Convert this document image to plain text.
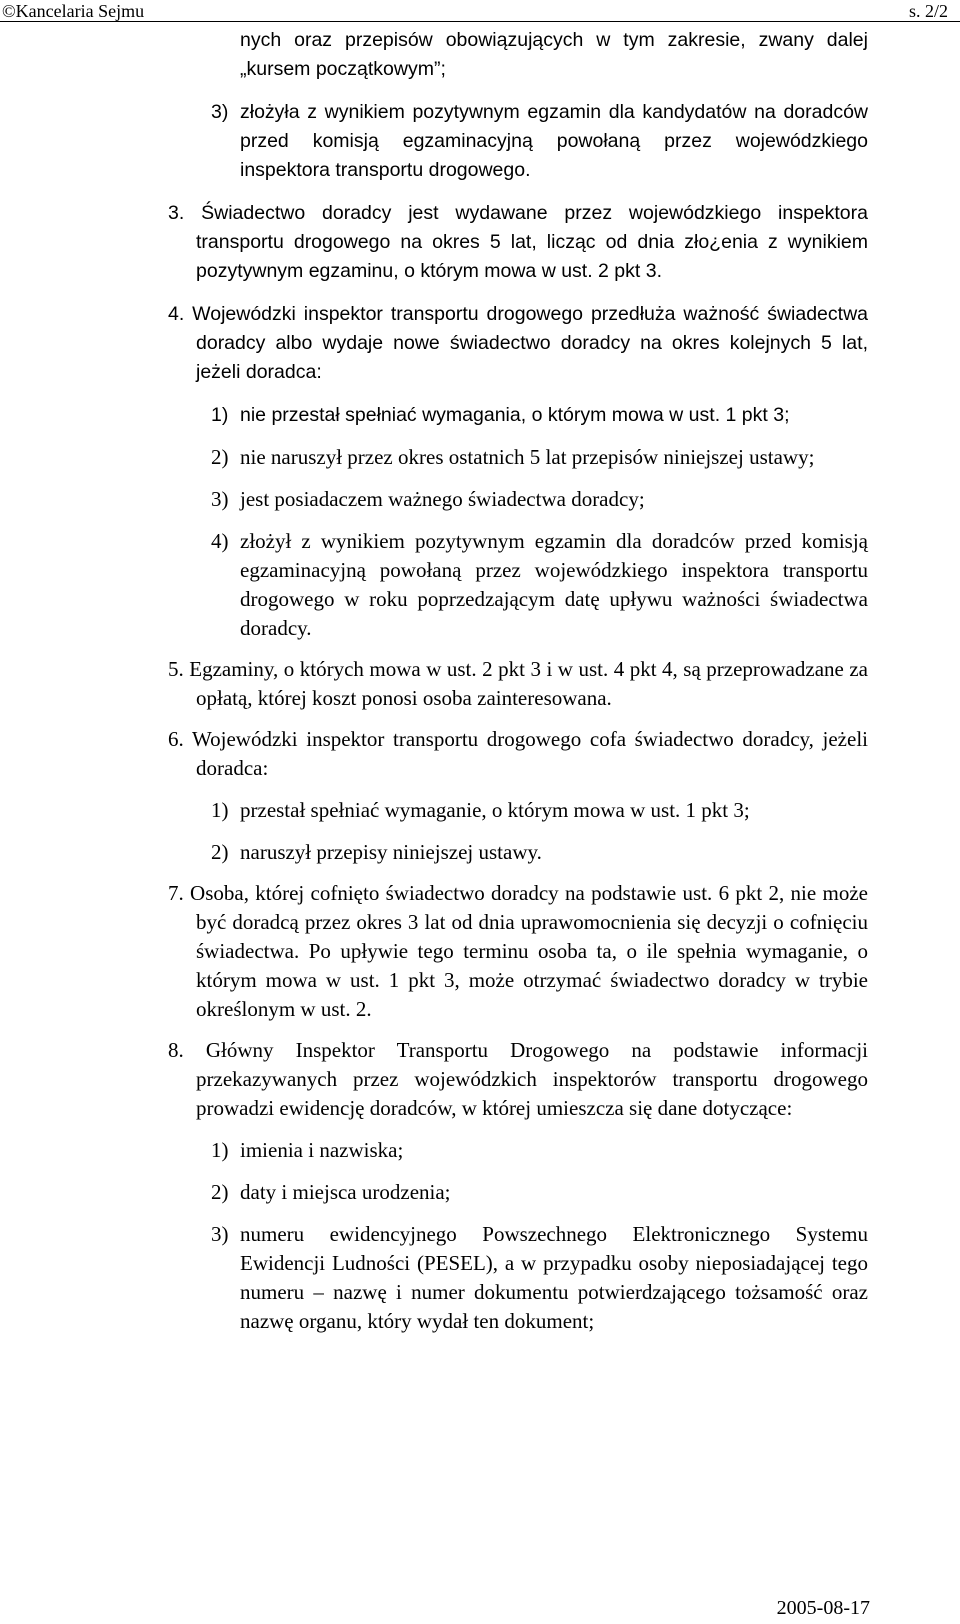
©Kancelaria Sejmu	s. 2/2
nych oraz przepisów obowiązujących w tym zakresie, zwany dalej „kursem początkowym”;
3) złożyła z wynikiem pozytywnym egzamin dla kandydatów na doradców przed komisją egzaminacyjną powołaną przez wojewódzkiego inspektora transportu drogowego.
3. Świadectwo doradcy jest wydawane przez wojewódzkiego inspektora transportu drogowego na okres 5 lat, licząc od dnia zło¿enia z wynikiem pozytywnym egzaminu, o którym mowa w ust. 2 pkt 3.
4. Wojewódzki inspektor transportu drogowego przedłuża ważność świadectwa doradcy albo wydaje nowe świadectwo doradcy na okres kolejnych 5 lat, jeżeli doradca:
1) nie przestał spełniać wymagania, o którym mowa w ust. 1 pkt 3;
2) nie naruszył przez okres ostatnich 5 lat przepisów niniejszej ustawy;
3) jest posiadaczem ważnego świadectwa doradcy;
4) złożył z wynikiem pozytywnym egzamin dla doradców przed komisją egzaminacyjną powołaną przez wojewódzkiego inspektora transportu drogowego w roku poprzedzającym datę upływu ważności świadectwa doradcy.
5. Egzaminy, o których mowa w ust. 2 pkt 3 i w ust. 4 pkt 4, są przeprowadzane za opłatą, której koszt ponosi osoba zainteresowana.
6. Wojewódzki inspektor transportu drogowego cofa świadectwo doradcy, jeżeli doradca:
1) przestał spełniać wymaganie, o którym mowa w ust. 1 pkt 3;
2) naruszył przepisy niniejszej ustawy.
7. Osoba, której cofnięto świadectwo doradcy na podstawie ust. 6 pkt 2, nie może być doradcą przez okres 3 lat od dnia uprawomocnienia się decyzji o cofnięciu świadectwa. Po upływie tego terminu osoba ta, o ile spełnia wymaganie, o którym mowa w ust. 1 pkt 3, może otrzymać świadectwo doradcy w trybie określonym w ust. 2.
8. Główny Inspektor Transportu Drogowego na podstawie informacji przekazywanych przez wojewódzkich inspektorów transportu drogowego prowadzi ewidencję doradców, w której umieszcza się dane dotyczące:
1) imienia i nazwiska;
2) daty i miejsca urodzenia;
3) numeru ewidencyjnego Powszechnego Elektronicznego Systemu Ewidencji Ludności (PESEL), a w przypadku osoby nieposiadającej tego numeru – nazwę i numer dokumentu potwierdzającego tożsamość oraz nazwę organu, który wydał ten dokument;
2005-08-17
